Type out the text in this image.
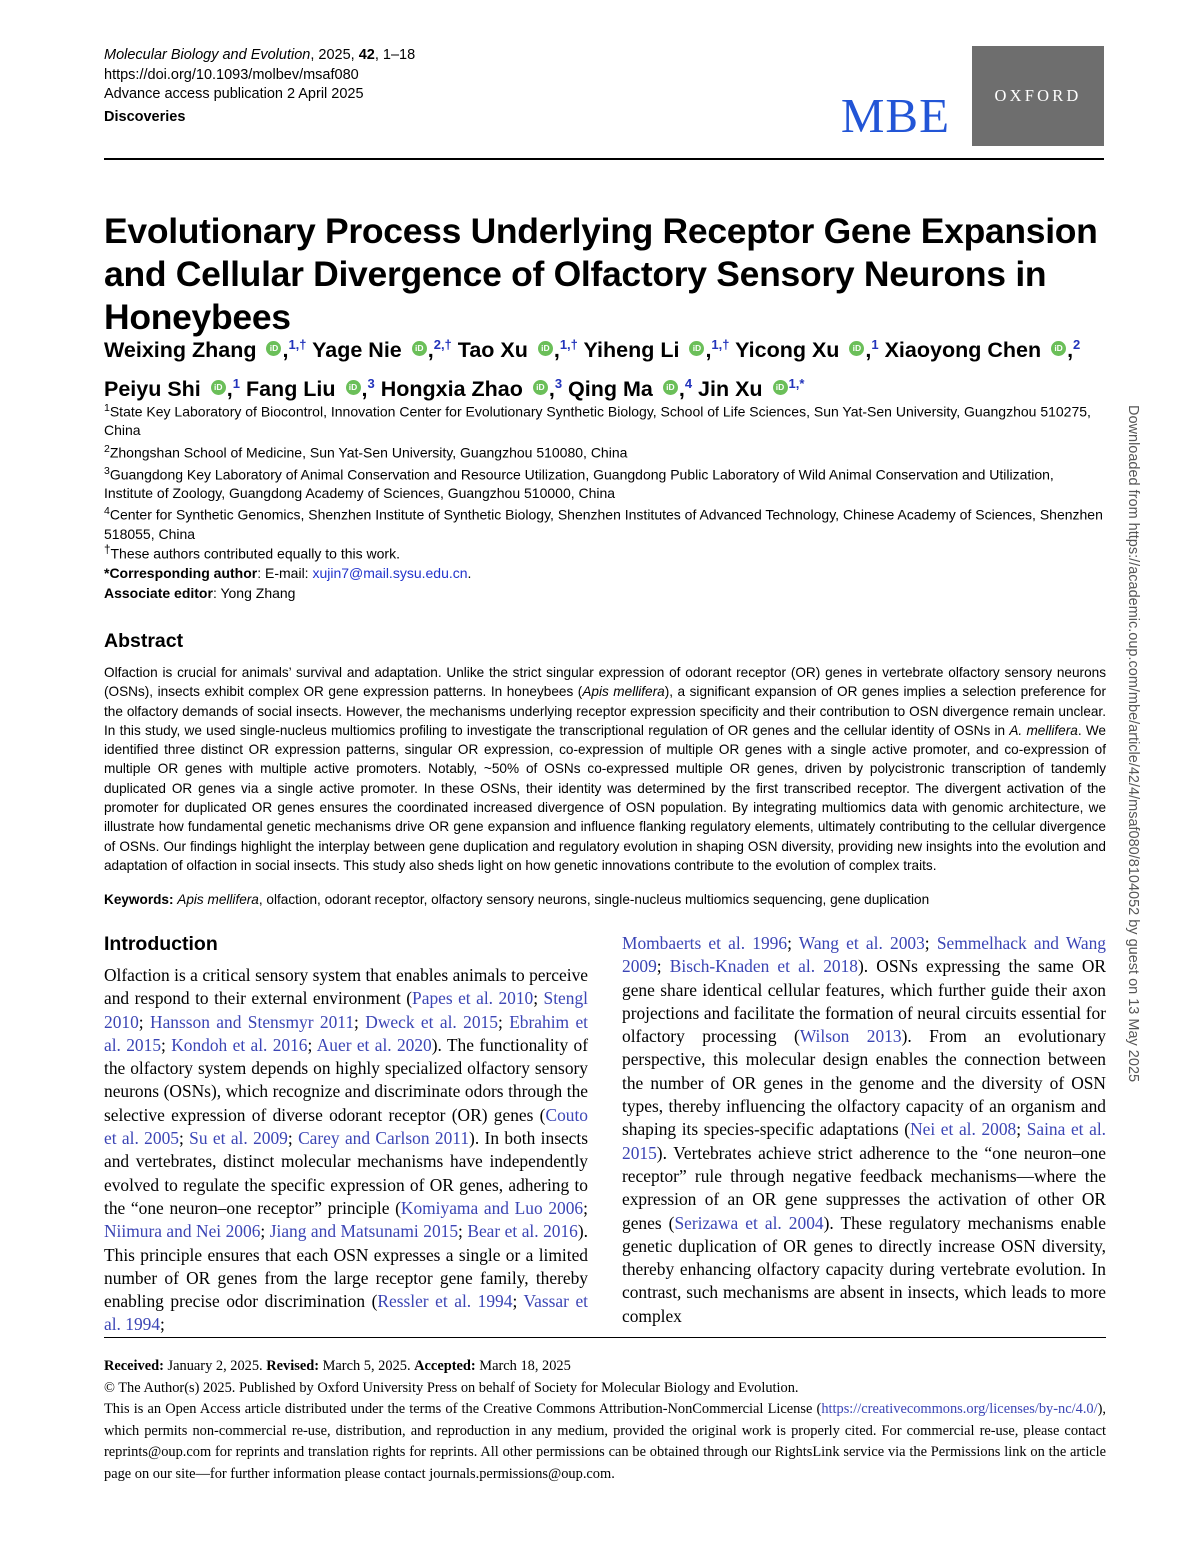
Molecular Biology and Evolution, 2025, 42, 1–18
https://doi.org/10.1093/molbev/msaf080
Advance access publication 2 April 2025
Discoveries	MBE	OXFORD
Evolutionary Process Underlying Receptor Gene Expansion and Cellular Divergence of Olfactory Sensory Neurons in Honeybees
Weixing Zhang iD,$^{1,\dagger}$ Yage Nie iD,$^{2,\dagger}$ Tao Xu iD,$^{1,\dagger}$ Yiheng Li iD,$^{1,\dagger}$ Yicong Xu iD,$^1$ Xiaoyong Chen iD,$^2$ Peiyu Shi iD,$^1$ Fang Liu iD,$^3$ Hongxia Zhao iD,$^3$ Qing Ma iD,$^4$ Jin Xu $iD^{1,*}$

$^1$State Key Laboratory of Biocontrol, Innovation Center for Evolutionary Synthetic Biology, School of Life Sciences, Sun Yat-Sen University, Guangzhou 510275, China

$^2$Zhongshan School of Medicine, Sun Yat-Sen University, Guangzhou 510080, China

$^3$Guangdong Key Laboratory of Animal Conservation and Resource Utilization, Guangdong Public Laboratory of Wild Animal Conservation and Utilization, Institute of Zoology, Guangdong Academy of Sciences, Guangzhou 510000, China

$^4$Center for Synthetic Genomics, Shenzhen Institute of Synthetic Biology, Shenzhen Institutes of Advanced Technology, Chinese Academy of Sciences, Shenzhen 518055, China

†These authors contributed equally to this work.

*Corresponding author: E-mail: xujin7@mail.sysu.edu.cn.

Associate editor: Yong Zhang

Abstract
Olfaction is crucial for animals’ survival and adaptation. Unlike the strict singular expression of odorant receptor (OR) genes in vertebrate olfactory sensory neurons (OSNs), insects exhibit complex OR gene expression patterns. In honeybees (Apis mellifera), a significant expansion of OR genes implies a selection preference for the olfactory demands of social insects. However, the mechanisms underlying receptor expression specificity and their contribution to OSN divergence remain unclear. In this study, we used single-nucleus multiomics profiling to investigate the transcriptional regulation of OR genes and the cellular identity of OSNs in A. mellifera. We identified three distinct OR expression patterns, singular OR expression, co-expression of multiple OR genes with a single active promoter, and co-expression of multiple OR genes with multiple active promoters. Notably, ~50% of OSNs co-expressed multiple OR genes, driven by polycistronic transcription of tandemly duplicated OR genes via a single active promoter. In these OSNs, their identity was determined by the first transcribed receptor. The divergent activation of the promoter for duplicated OR genes ensures the coordinated increased divergence of OSN population. By integrating multiomics data with genomic architecture, we illustrate how fundamental genetic mechanisms drive OR gene expansion and influence flanking regulatory elements, ultimately contributing to the cellular divergence of OSNs. Our findings highlight the interplay between gene duplication and regulatory evolution in shaping OSN diversity, providing new insights into the evolution and adaptation of olfaction in social insects. This study also sheds light on how genetic innovations contribute to the evolution of complex traits.
Keywords: Apis mellifera, olfaction, odorant receptor, olfactory sensory neurons, single-nucleus multiomics sequencing, gene duplication
Introduction

Olfaction is a critical sensory system that enables animals to perceive and respond to their external environment (Papes et al. 2010; Stengl 2010; Hansson and Stensmyr 2011; Dweck et al. 2015; Ebrahim et al. 2015; Kondoh et al. 2016; Auer et al. 2020). The functionality of the olfactory system depends on highly specialized olfactory sensory neurons (OSNs), which recognize and discriminate odors through the selective expression of diverse odorant receptor (OR) genes (Couto et al. 2005; Su et al. 2009; Carey and Carlson 2011). In both insects and vertebrates, distinct molecular mechanisms have independently evolved to regulate the specific expression of OR genes, adhering to the “one neuron–one receptor” principle (Komiyama and Luo 2006; Niimura and Nei 2006; Jiang and Matsunami 2015; Bear et al. 2016). This principle ensures that each OSN expresses a single or a limited number of OR genes from the large receptor gene family, thereby enabling precise odor discrimination (Ressler et al. 1994; Vassar et al. 1994;

Mombaerts et al. 1996; Wang et al. 2003; Semmelhack and Wang 2009; Bisch-Knaden et al. 2018). OSNs expressing the same OR gene share identical cellular features, which further guide their axon projections and facilitate the formation of neural circuits essential for olfactory processing (Wilson 2013). From an evolutionary perspective, this molecular design enables the connection between the number of OR genes in the genome and the diversity of OSN types, thereby influencing the olfactory capacity of an organism and shaping its species-specific adaptations (Nei et al. 2008; Saina et al. 2015). Vertebrates achieve strict adherence to the “one neuron–one receptor” rule through negative feedback mechanisms—where the expression of an OR gene suppresses the activation of other OR genes (Serizawa et al. 2004). These regulatory mechanisms enable genetic duplication of OR genes to directly increase OSN diversity, thereby enhancing olfactory capacity during vertebrate evolution. In contrast, such mechanisms are absent in insects, which leads to more complex

Received: January 2, 2025. Revised: March 5, 2025. Accepted: March 18, 2025

© The Author(s) 2025. Published by Oxford University Press on behalf of Society for Molecular Biology and Evolution.

This is an Open Access article distributed under the terms of the Creative Commons Attribution-NonCommercial License (https://creativecommons.org/licenses/by-nc/4.0/), which permits non-commercial re-use, distribution, and reproduction in any medium, provided the original work is properly cited. For commercial re-use, please contact reprints@oup.com for reprints and translation rights for reprints. All other permissions can be obtained through our RightsLink service via the Permissions link on the article page on our site—for further information please contact journals.permissions@oup.com.

Downloaded from https://academic.oup.com/mbe/article/42/4/msaf080/8104052 by guest on 13 May 2025
